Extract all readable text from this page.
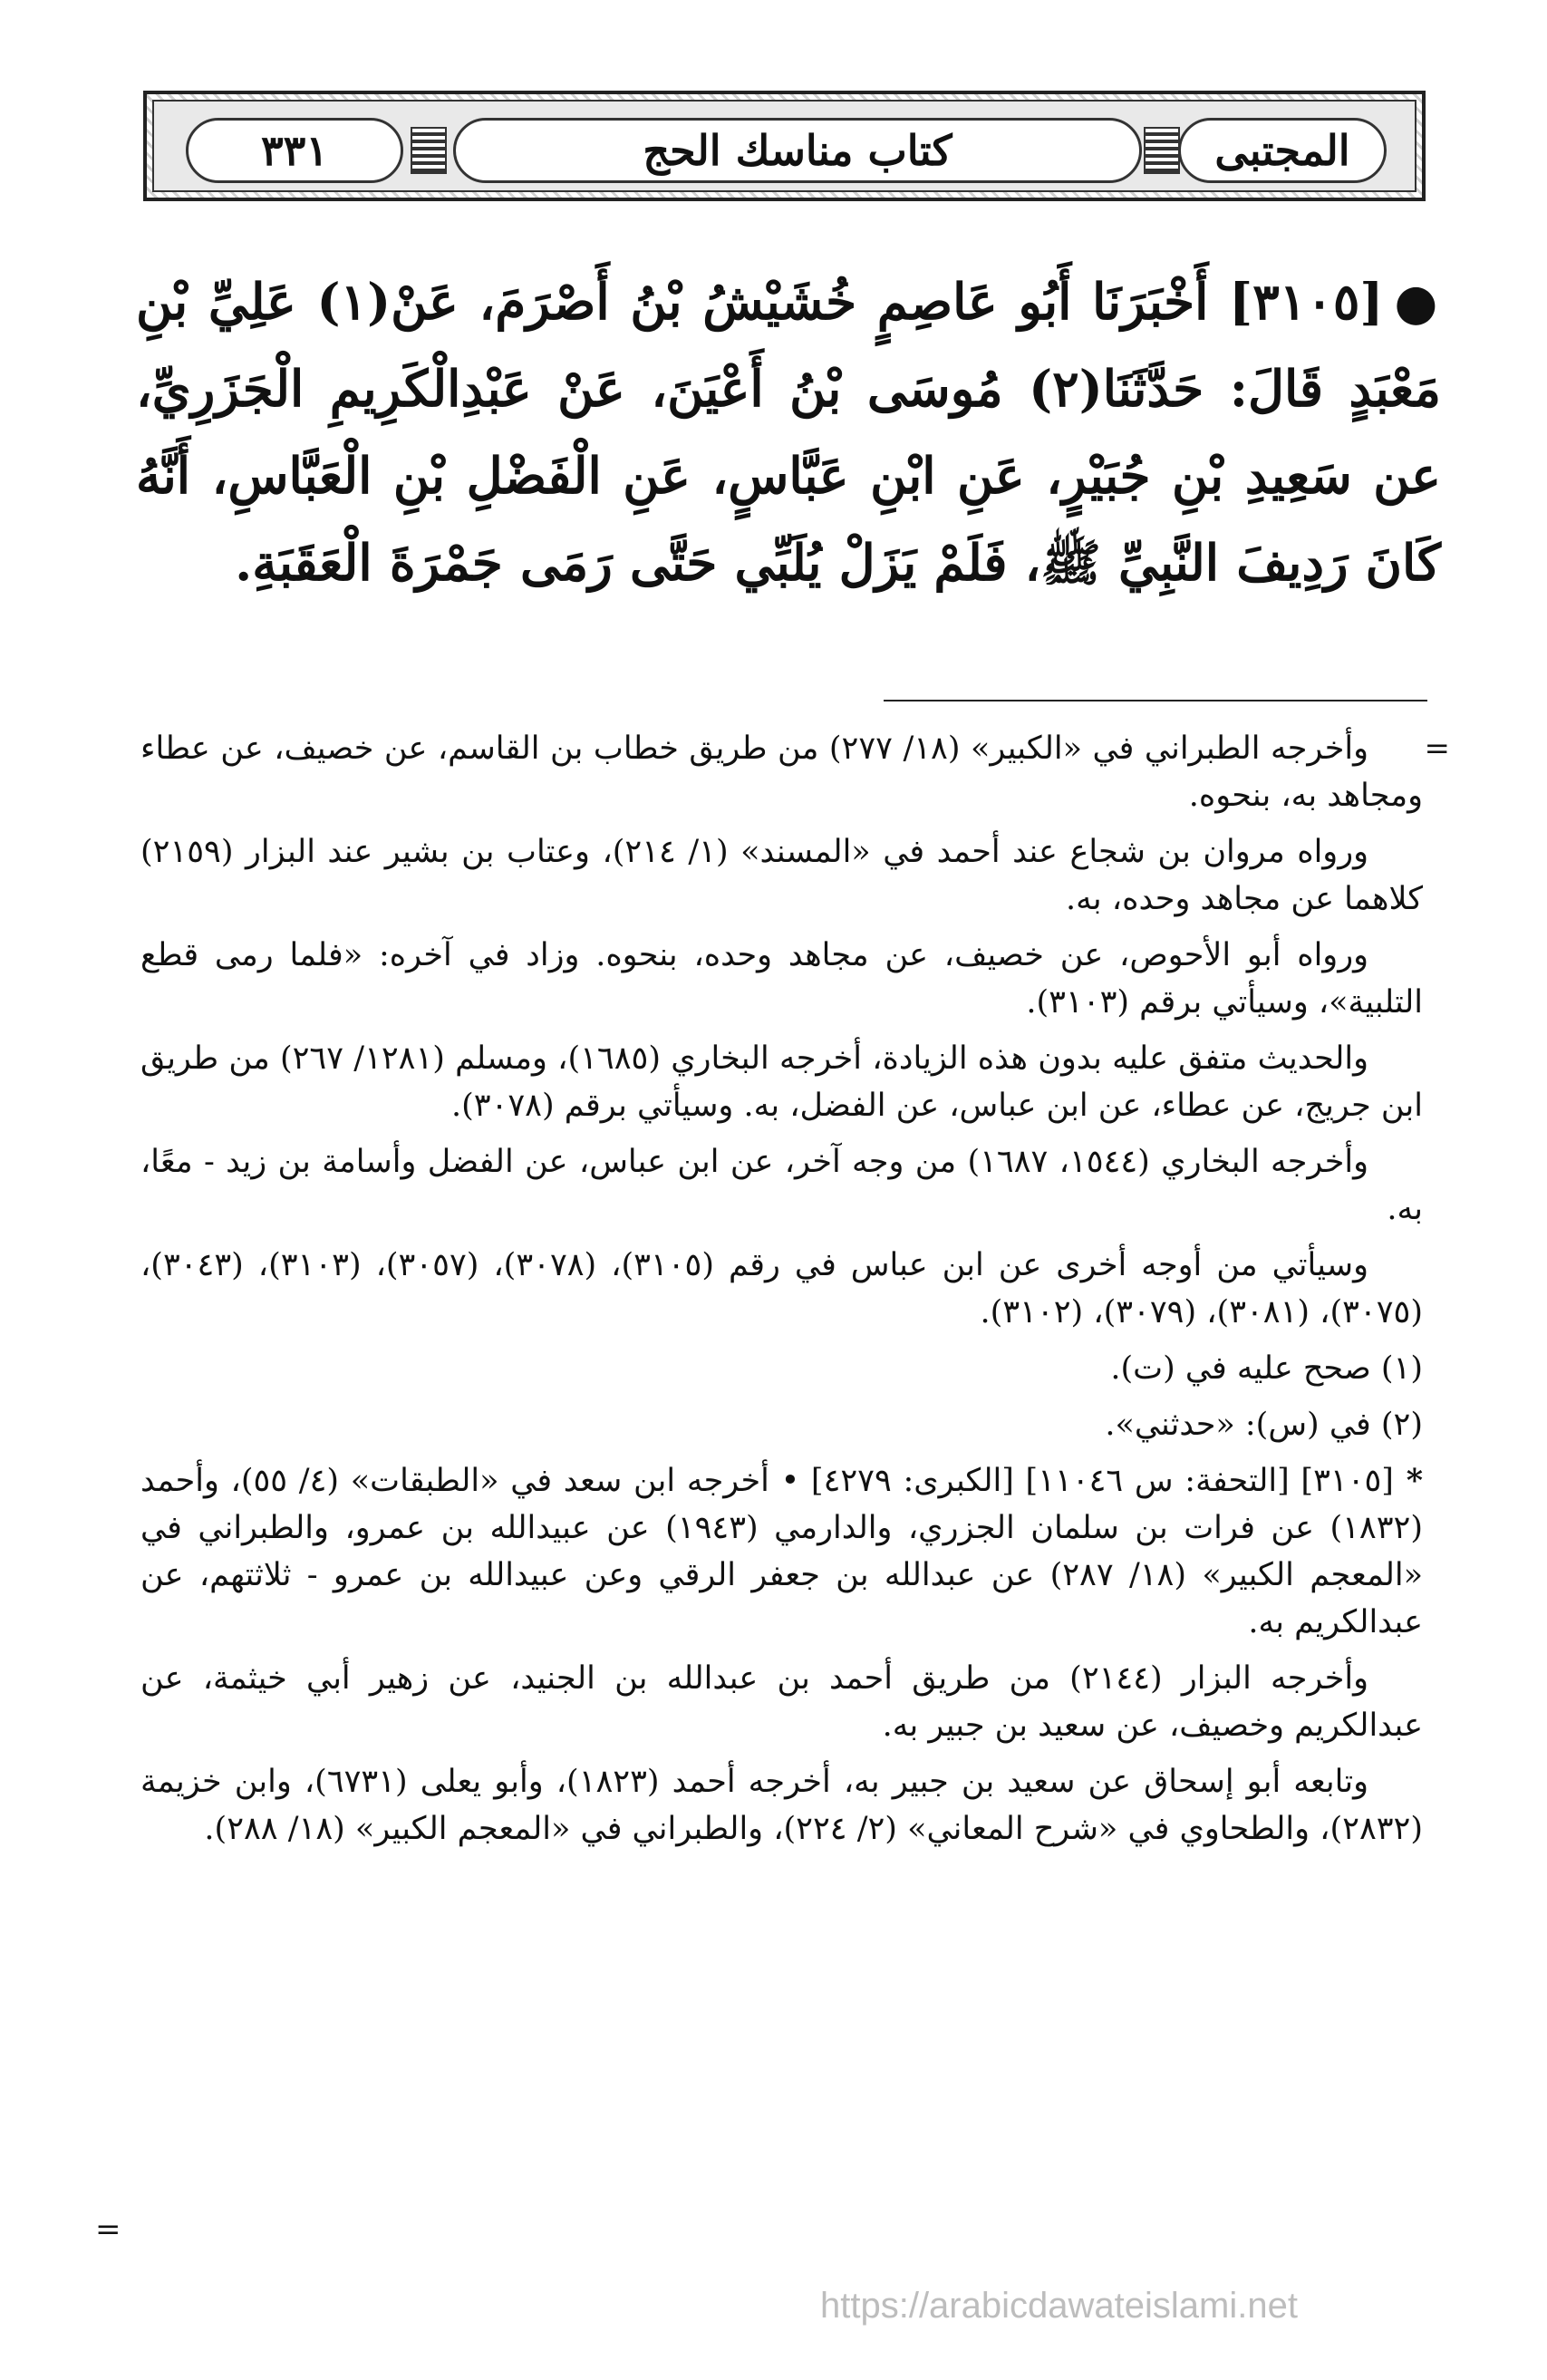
٣٣١	كتاب مناسك الحج	المجتبى
●[٣١٠٥] أَخْبَرَنَا أَبُو عَاصِمٍ خُشَيْشُ بْنُ أَصْرَمَ، عَنْ(١) عَلِيِّ بْنِ مَعْبَدٍ قَالَ: حَدَّثَنَا(٢) مُوسَى بْنُ أَعْيَنَ، عَنْ عَبْدِالْكَرِيمِ الْجَزَرِيِّ، عن سَعِيدِ بْنِ جُبَيْرٍ، عَنِ ابْنِ عَبَّاسٍ، عَنِ الْفَضْلِ بْنِ الْعَبَّاسِ، أَنَّهُ كَانَ رَدِيفَ النَّبِيِّ ﷺ، فَلَمْ يَزَلْ يُلَبِّي حَتَّى رَمَى جَمْرَةَ الْعَقَبَةِ.
=

وأخرجه الطبراني في «الكبير» (١٨/ ٢٧٧) من طريق خطاب بن القاسم، عن خصيف، عن عطاء ومجاهد به، بنحوه.

ورواه مروان بن شجاع عند أحمد في «المسند» (١/ ٢١٤)، وعتاب بن بشير عند البزار (٢١٥٩) كلاهما عن مجاهد وحده، به.

ورواه أبو الأحوص، عن خصيف، عن مجاهد وحده، بنحوه. وزاد في آخره: «فلما رمى قطع التلبية»، وسيأتي برقم (٣١٠٣).

والحديث متفق عليه بدون هذه الزيادة، أخرجه البخاري (١٦٨٥)، ومسلم (١٢٨١/ ٢٦٧) من طريق ابن جريج، عن عطاء، عن ابن عباس، عن الفضل، به. وسيأتي برقم (٣٠٧٨).

وأخرجه البخاري (١٥٤٤، ١٦٨٧) من وجه آخر، عن ابن عباس، عن الفضل وأسامة بن زيد - معًا، به.

وسيأتي من أوجه أخرى عن ابن عباس في رقم (٣١٠٥)، (٣٠٧٨)، (٣٠٥٧)، (٣١٠٣)، (٣٠٤٣)، (٣٠٧٥)، (٣٠٨١)، (٣٠٧٩)، (٣١٠٢).

(١) صحح عليه في (ت).

(٢) في (س): «حدثني».

* [٣١٠٥] [التحفة: س ١١٠٤٦] [الكبرى: ٤٢٧٩] • أخرجه ابن سعد في «الطبقات» (٤/ ٥٥)، وأحمد (١٨٣٢) عن فرات بن سلمان الجزري، والدارمي (١٩٤٣) عن عبيدالله بن عمرو، والطبراني في «المعجم الكبير» (١٨/ ٢٨٧) عن عبدالله بن جعفر الرقي وعن عبيدالله بن عمرو - ثلاثتهم، عن عبدالكريم به.

وأخرجه البزار (٢١٤٤) من طريق أحمد بن عبدالله بن الجنيد، عن زهير أبي خيثمة، عن عبدالكريم وخصيف، عن سعيد بن جبير به.

وتابعه أبو إسحاق عن سعيد بن جبير به، أخرجه أحمد (١٨٢٣)، وأبو يعلى (٦٧٣١)، وابن خزيمة (٢٨٣٢)، والطحاوي في «شرح المعاني» (٢/ ٢٢٤)، والطبراني في «المعجم الكبير» (١٨/ ٢٨٨).

=
https://arabicdawateislami.net
